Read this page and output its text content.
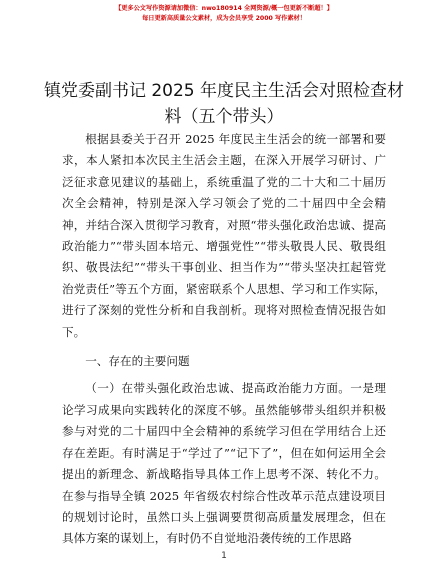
【更多公文写作资源请加微信：nwo180914 全网资源/概一包更新不断超！】
每日更新高质量公文素材，成为会员享受 2000 写作素材！
镇党委副书记 2025 年度民主生活会对照检查材料（五个带头）

根据县委关于召开 2025 年度民主生活会的统一部署和要求，本人紧扣本次民主生活会主题，在深入开展学习研讨、广泛征求意见建议的基础上，系统重温了党的二十大和二十届历次全会精神，特别是深入学习领会了党的二十届四中全会精神，并结合深入贯彻学习教育，对照“带头强化政治忠诚、提高政治能力”“带头固本培元、增强党性”“带头敬畏人民、敬畏组织、敬畏法纪”“带头干事创业、担当作为”“带头坚决扛起管党治党责任”等五个方面，紧密联系个人思想、学习和工作实际，进行了深刻的党性分析和自我剖析。现将对照检查情况报告如下。

一、存在的主要问题

（一）在带头强化政治忠诚、提高政治能力方面。一是理论学习成果向实践转化的深度不够。虽然能够带头组织并积极参与对党的二十届四中全会精神的系统学习但在学用结合上还存在差距。有时满足于“学过了”“记下了”，但在如何运用全会提出的新理念、新战略指导具体工作上思考不深、转化不力。在参与指导全镇 2025 年省级农村综合性改革示范点建设项目的规划讨论时，虽然口头上强调要贯彻高质量发展理念，但在具体方案的谋划上，有时仍不自觉地沿袭传统的工作思路

1
